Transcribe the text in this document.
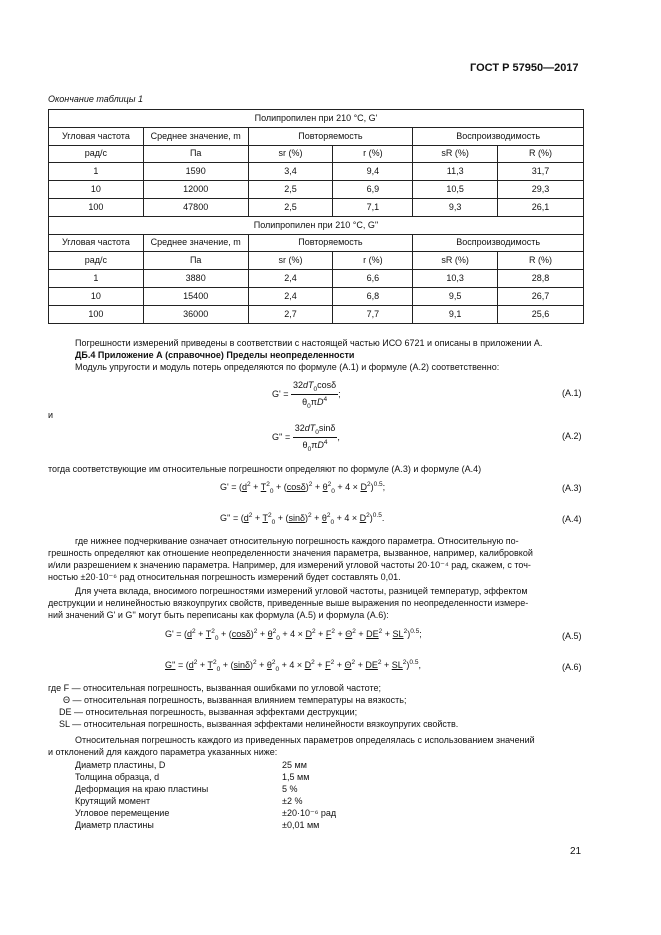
ГОСТ Р 57950—2017
Окончание таблицы 1
Полипропилен при 210 °С, G'					
Угловая частота	Среднее значение, m	Повторяемость		Воспроизводимость	
рад/с	Па	sr (%)	r (%)	sR (%)	R (%)
1	1590	3,4	9,4	11,3	31,7
10	12000	2,5	6,9	10,5	29,3
100	47800	2,5	7,1	9,3	26,1
Полипропилен при 210 °С, G''					
Угловая частота	Среднее значение, m	Повторяемость		Воспроизводимость	
рад/с	Па	sr (%)	r (%)	sR (%)	R (%)
1	3880	2,4	6,6	10,3	28,8
10	15400	2,4	6,8	9,5	26,7
100	36000	2,7	7,7	9,1	25,6
Погрешности измерений приведены в соответствии с настоящей частью ИСО 6721 и описаны в приложении А.
ДБ.4 Приложение А (справочное) Пределы неопределенности
Модуль упругости и модуль потерь определяются по формуле (А.1) и формуле (А.2) соответственно:
$G' = \frac{32dT_0\cos\delta}{\theta_0\pi D^4}$ ;	(А.1)
и
$G'' = \frac{32dT_0\sin\delta}{\theta_0\pi D^4}$ ,	(А.2)
тогда соответствующие им относительные погрешности определяют по формуле (А.3) и формуле (А.4)
$G' = (d^2 + T^2_0 + (\cos\delta)^2 + \theta^2_0 + 4 \times D^2)^{0.5}$;	(А.3)
$G'' = (d^2 + T^2_0 + (\sin\delta)^2 + \theta^2_0 + 4 \times D^2)^{0.5}$.	(А.4)
где нижнее подчеркивание означает относительную погрешность каждого параметра. Относительную по-
грешность определяют как отношение неопределенности значения параметра, вызванное, например, калибровкой
и/или разрешением к значению параметра. Например, для измерений угловой частоты 20·10⁻⁴ рад, скажем, с точ-
ностью ±20·10⁻⁶ рад относительная погрешность измерений будет составлять 0,01.
Для учета вклада, вносимого погрешностями измерений угловой частоты, разницей температур, эффектом
деструкции и нелинейностью вязкоупругих свойств, приведенные выше выражения по неопределенности измере-
ний значений G' и G'' могут быть переписаны как формула (А.5) и формула (А.6):
$G' = (d^2 + T^2_0 + (\cos\delta)^2 + \theta^2_0 + 4 \times D^2 + F^2 + \Theta^2 + DE^2 + SL^2)^{0.5}$;	(А.5)
$G'' = (d^2 + T^2_0 + (\sin\delta)^2 + \theta^2_0 + 4 \times D^2 + F^2 + \Theta^2 + DE^2 + SL^2)^{0.5}$,	(А.6)
где F — относительная погрешность, вызванная ошибками по угловой частоте;
Θ — относительная погрешность, вызванная влиянием температуры на вязкость;
DE — относительная погрешность, вызванная эффектами деструкции;
SL — относительная погрешность, вызванная эффектами нелинейности вязкоупругих свойств.
Относительная погрешность каждого из приведенных параметров определялась с использованием значений
и отклонений для каждого параметра указанных ниже:
Диаметр пластины, D	25 мм
Толщина образца, d	1,5 мм
Деформация на краю пластины	5 %
Крутящий момент	±2 %
Угловое перемещение	±20·10⁻⁶ рад
Диаметр пластины	±0,01 мм
21
